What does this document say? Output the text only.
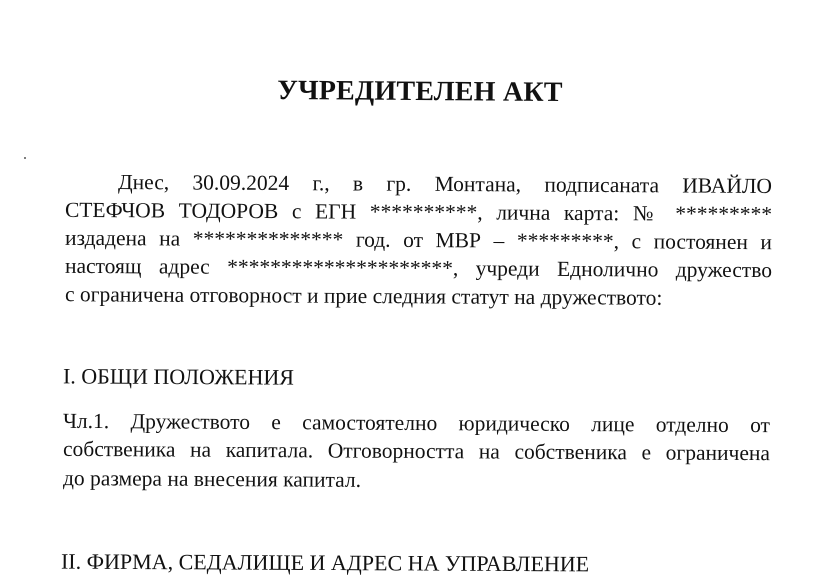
УЧРЕДИТЕЛЕН АКТ
Днес, 30.09.2024 г., в гр. Монтана, подписаната ИВАЙЛО
СТЕФЧОВ ТОДОРОВ с ЕГН **********, лична карта: № *********
издадена на ************** год. от МВР – *********, с постоянен и
настоящ адрес *********************, учреди Еднолично дружество
с ограничена отговорност и прие следния статут на дружеството:
I. ОБЩИ ПОЛОЖЕНИЯ
Чл.1. Дружеството е самостоятелно юридическо лице отделно от
собственика на капитала. Отговорността на собственика е ограничена
до размера на внесения капитал.
II. ФИРМА, СЕДАЛИЩЕ И АДРЕС НА УПРАВЛЕНИЕ
